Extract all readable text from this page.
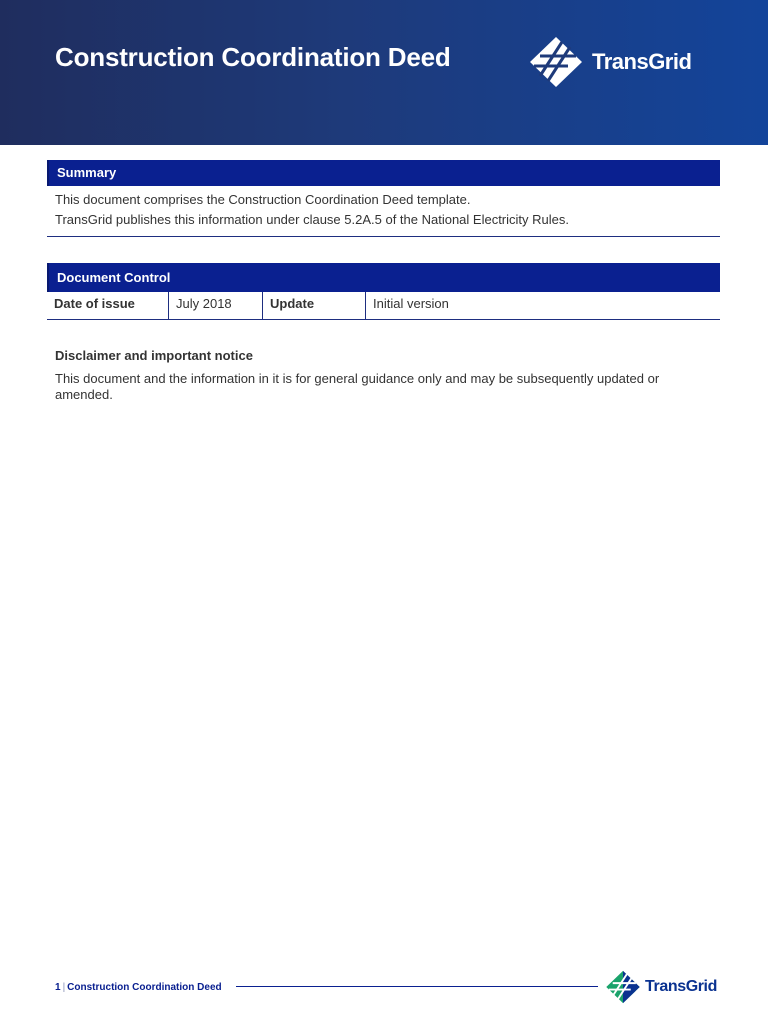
Construction Coordination Deed	TransGrid
Summary
This document comprises the Construction Coordination Deed template.
TransGrid publishes this information under clause 5.2A.5 of the National Electricity Rules.
Document Control
Date of issue	July 2018	Update	Initial version
Disclaimer and important notice
This document and the information in it is for general guidance only and may be subsequently updated or amended.
1 | Construction Coordination Deed	TransGrid
